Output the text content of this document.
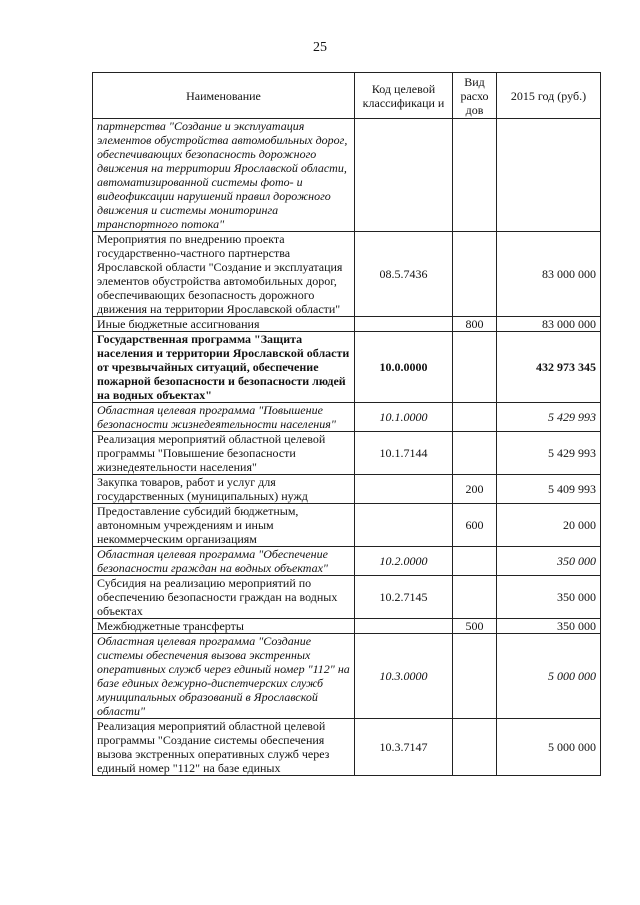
25
Наименование	Код целевой классификаци и	Вид расхо дов	2015 год (руб.)
партнерства "Создание и эксплуатация элементов обустройства автомобильных дорог, обеспечивающих безопасность дорожного движения на территории Ярославской области, автоматизированной системы фото- и видеофиксации нарушений правил дорожного движения и системы мониторинга транспортного потока"			
Мероприятия по внедрению проекта государственно-частного партнерства Ярославской области "Создание и эксплуатация элементов обустройства автомобильных дорог, обеспечивающих безопасность дорожного движения на территории Ярославской области"	08.5.7436		83 000 000
Иные бюджетные ассигнования		800	83 000 000
Государственная программа "Защита населения и территории Ярославской области от чрезвычайных ситуаций, обеспечение пожарной безопасности и безопасности людей на водных объектах"	10.0.0000		432 973 345
Областная целевая программа "Повышение безопасности жизнедеятельности населения"	10.1.0000		5 429 993
Реализация мероприятий областной целевой программы "Повышение безопасности жизнедеятельности населения"	10.1.7144		5 429 993
Закупка товаров, работ и услуг для государственных (муниципальных) нужд		200	5 409 993
Предоставление субсидий бюджетным, автономным учреждениям и иным некоммерческим организациям		600	20 000
Областная целевая программа "Обеспечение безопасности граждан на водных объектах"	10.2.0000		350 000
Субсидия на реализацию мероприятий по обеспечению безопасности граждан на водных объектах	10.2.7145		350 000
Межбюджетные трансферты		500	350 000
Областная целевая программа "Создание системы обеспечения вызова экстренных оперативных служб через единый номер "112" на базе единых дежурно-диспетчерских служб муниципальных образований в Ярославской области"	10.3.0000		5 000 000
Реализация мероприятий областной целевой программы "Создание системы обеспечения вызова экстренных оперативных служб через единый номер "112" на базе единых	10.3.7147		5 000 000
